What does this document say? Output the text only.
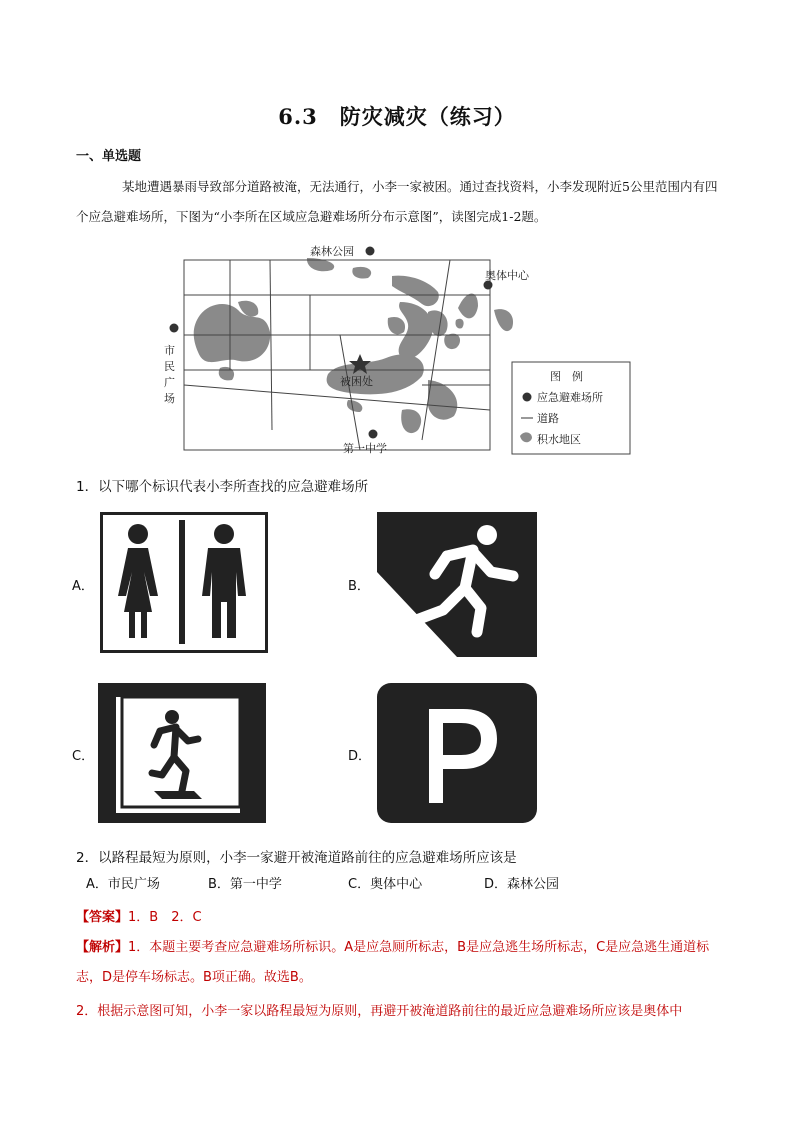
6.3　防灾减灾（练习）
一、单选题
某地遭遇暴雨导致部分道路被淹，无法通行，小李一家被困。通过查找资料，小李发现附近5公里范围内有四个应急避难场所，下图为“小李所在区域应急避难场所分布示意图”，读图完成1-2题。
森林公园
奥体中心
市
民
广
场
被困处
第一中学
图　例
应急避难场所
道路
积水地区
1．以下哪个标识代表小李所查找的应急避难场所
A．	B．
C．	D．
2．以路程最短为原则，小李一家避开被淹道路前往的应急避难场所应该是
A．市民广场	B．第一中学	C．奥体中心	D．森林公园
【答案】1．B　2．C
【解析】1．本题主要考查应急避难场所标识。A是应急厕所标志，B是应急逃生场所标志，C是应急逃生通道标志，D是停车场标志。B项正确。故选B。
2．根据示意图可知，小李一家以路程最短为原则，再避开被淹道路前往的最近应急避难场所应该是奥体中
